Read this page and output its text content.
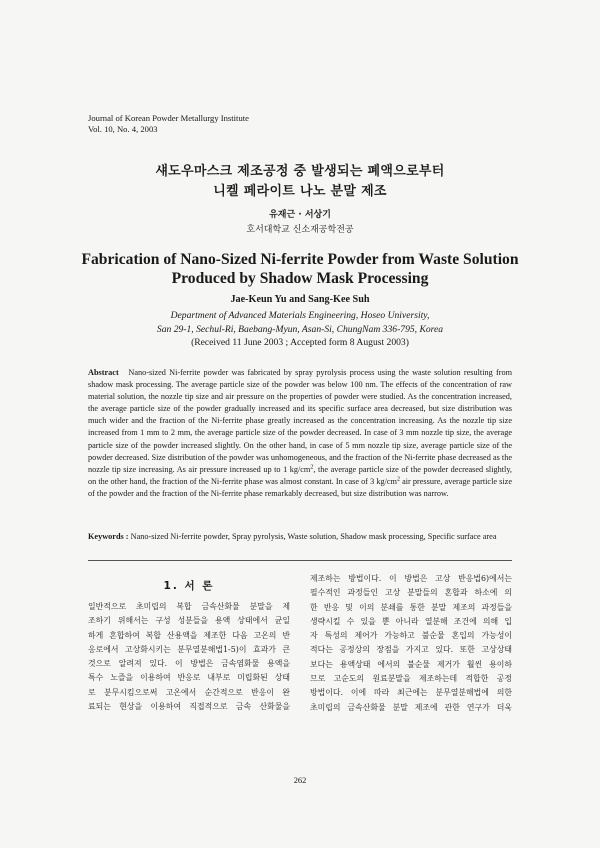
Journal of Korean Powder Metallurgy Institute
Vol. 10, No. 4, 2003
섀도우마스크 제조공정 중 발생되는 폐액으로부터
니켈 페라이트 나노 분말 제조
유재근 · 서상기
호서대학교 신소재공학전공
Fabrication of Nano-Sized Ni-ferrite Powder from Waste Solution
Produced by Shadow Mask Processing
Jae-Keun Yu and Sang-Kee Suh
Department of Advanced Materials Engineering, Hoseo University,
San 29-1, Sechul-Ri, Baebang-Myun, Asan-Si, ChungNam 336-795, Korea
(Received 11 June 2003 ; Accepted form 8 August 2003)
Abstract Nano-sized Ni-ferrite powder was fabricated by spray pyrolysis process using the waste solution resulting from shadow mask processing. The average particle size of the powder was below 100 nm. The effects of the concentration of raw material solution, the nozzle tip size and air pressure on the properties of powder were studied. As the concentration increased, the average particle size of the powder gradually increased and its specific surface area decreased, but size distribution was much wider and the fraction of the Ni-ferrite phase greatly increased as the concentration increasing. As the nozzle tip size increased from 1 mm to 2 mm, the average particle size of the powder decreased. In case of 3 mm nozzle tip size, the average particle size of the powder increased slightly. On the other hand, in case of 5 mm nozzle tip size, average particle size of the powder decreased. Size distribution of the powder was unhomogeneous, and the fraction of the Ni-ferrite phase decreased as the nozzle tip size increasing. As air pressure increased up to 1 $kg/cm^2$, the average particle size of the powder decreased slightly, on the other hand, the fraction of the Ni-ferrite phase was almost constant. In case of 3 $kg/cm^2$ air pressure, average particle size of the powder and the fraction of the Ni-ferrite phase remarkably decreased, but size distribution was narrow.
Keywords : Nano-sized Ni-ferrite powder, Spray pyrolysis, Waste solution, Shadow mask processing, Specific surface area
1. 서 론
일반적으로 초미립의 복합 금속산화물 분말을 제
조하기 위해서는 구성 성분들을 용액 상태에서 균일
하게 혼합하여 복합 산용액을 제조한 다음 고온의 반
응로에서 고상화시키는 분무열분해법1-5)이 효과가 큰
것으로 알려져 있다. 이 방법은 금속염화물 용액을
특수 노즐을 이용하여 반응로 내부로 미립화된 상태
로 분무시킴으로써 고온에서 순간적으로 반응이 완
료되는 현상을 이용하여 직접적으로 금속 산화물을
제조하는 방법이다. 이 방법은 고상 반응법6)에서는
필수적인 과정들인 고상 분말들의 혼합과 하소에 의
한 반응 및 이의 분쇄를 통한 분말 제조의 과정들을
생략시킬 수 있을 뿐 아니라 열분해 조건에 의해 입
자 특성의 제어가 가능하고 불순물 혼입의 가능성이
적다는 공정상의 장점을 가지고 있다. 또한 고상상태
보다는 용액상태 에서의 불순물 제거가 훨씬 용이하
므로 고순도의 원료분말을 제조하는데 적합한 공정
방법이다. 이에 따라 최근에는 분무열분해법에 의한
초미립의 금속산화물 분말 제조에 관한 연구가 더욱
262
